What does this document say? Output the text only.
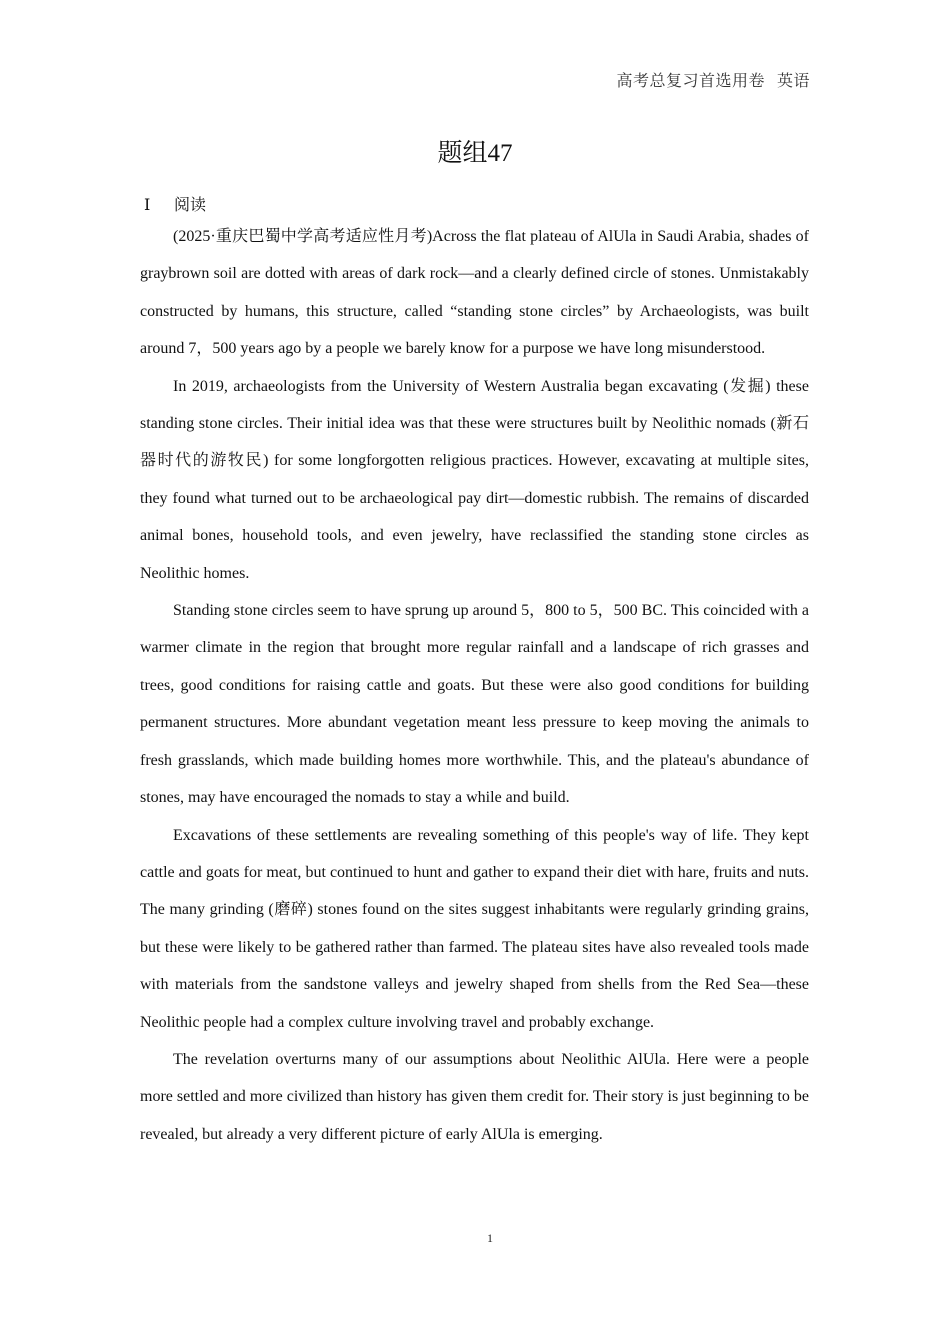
高考总复习首选用卷 英语
题组47
Ⅰ 阅读

(2025·重庆巴蜀中学高考适应性月考)Across the flat plateau of AlUla in Saudi Arabia, shades of graybrown soil are dotted with areas of dark rock—and a clearly defined circle of stones. Unmistakably constructed by humans, this structure, called “standing stone circles” by Archaeologists, was built around 7，500 years ago by a people we barely know for a purpose we have long misunderstood.

In 2019, archaeologists from the University of Western Australia began excavating (发掘) these standing stone circles. Their initial idea was that these were structures built by Neolithic nomads (新石器时代的游牧民) for some longforgotten religious practices. However, excavating at multiple sites, they found what turned out to be archaeological pay dirt—domestic rubbish. The remains of discarded animal bones, household tools, and even jewelry, have reclassified the standing stone circles as Neolithic homes.

Standing stone circles seem to have sprung up around 5，800 to 5，500 BC. This coincided with a warmer climate in the region that brought more regular rainfall and a landscape of rich grasses and trees, good conditions for raising cattle and goats. But these were also good conditions for building permanent structures. More abundant vegetation meant less pressure to keep moving the animals to fresh grasslands, which made building homes more worthwhile. This, and the plateau's abundance of stones, may have encouraged the nomads to stay a while and build.

Excavations of these settlements are revealing something of this people's way of life. They kept cattle and goats for meat, but continued to hunt and gather to expand their diet with hare, fruits and nuts. The many grinding (磨碎) stones found on the sites suggest inhabitants were regularly grinding grains, but these were likely to be gathered rather than farmed. The plateau sites have also revealed tools made with materials from the sandstone valleys and jewelry shaped from shells from the Red Sea—these Neolithic people had a complex culture involving travel and probably exchange.

The revelation overturns many of our assumptions about Neolithic AlUla. Here were a people more settled and more civilized than history has given them credit for. Their story is just beginning to be revealed, but already a very different picture of early AlUla is emerging.

1
